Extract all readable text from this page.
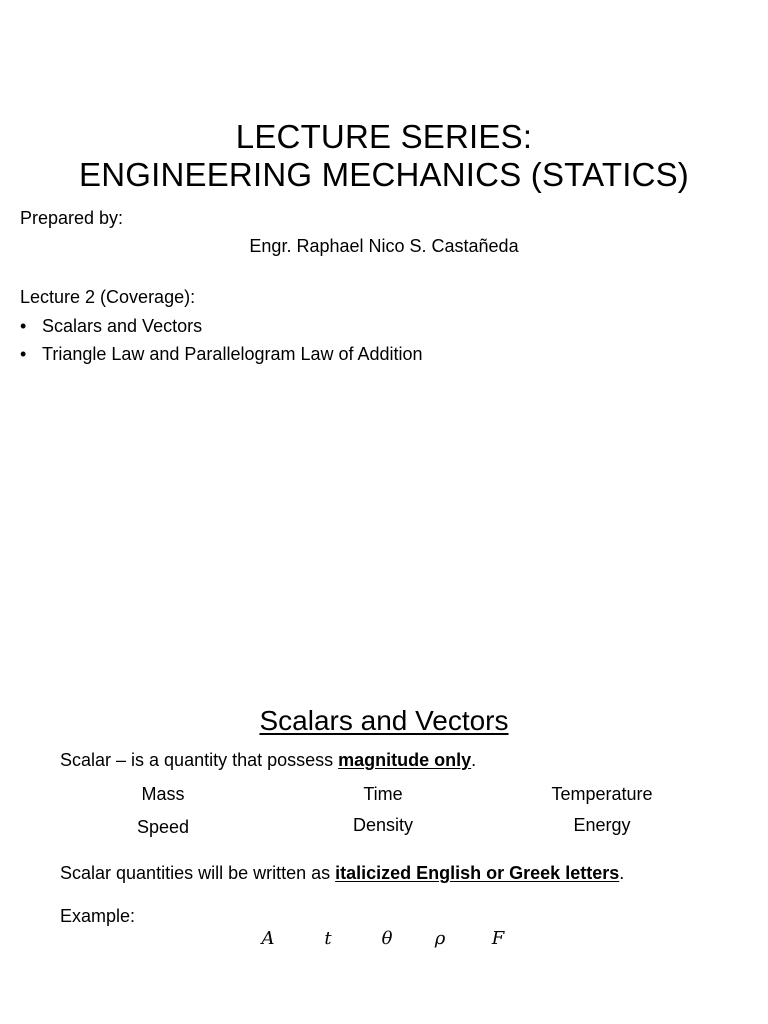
LECTURE SERIES:
ENGINEERING MECHANICS (STATICS)
Prepared by:
Engr. Raphael Nico S. Castañeda
Lecture 2 (Coverage):
• Scalars and Vectors
• Triangle Law and Parallelogram Law of Addition
Scalars and Vectors
Scalar – is a quantity that possess magnitude only.
Mass	Time	Temperature
Speed	Density	Energy
Scalar quantities will be written as italicized English or Greek letters.
Example:
A	t	θ ρ	F
